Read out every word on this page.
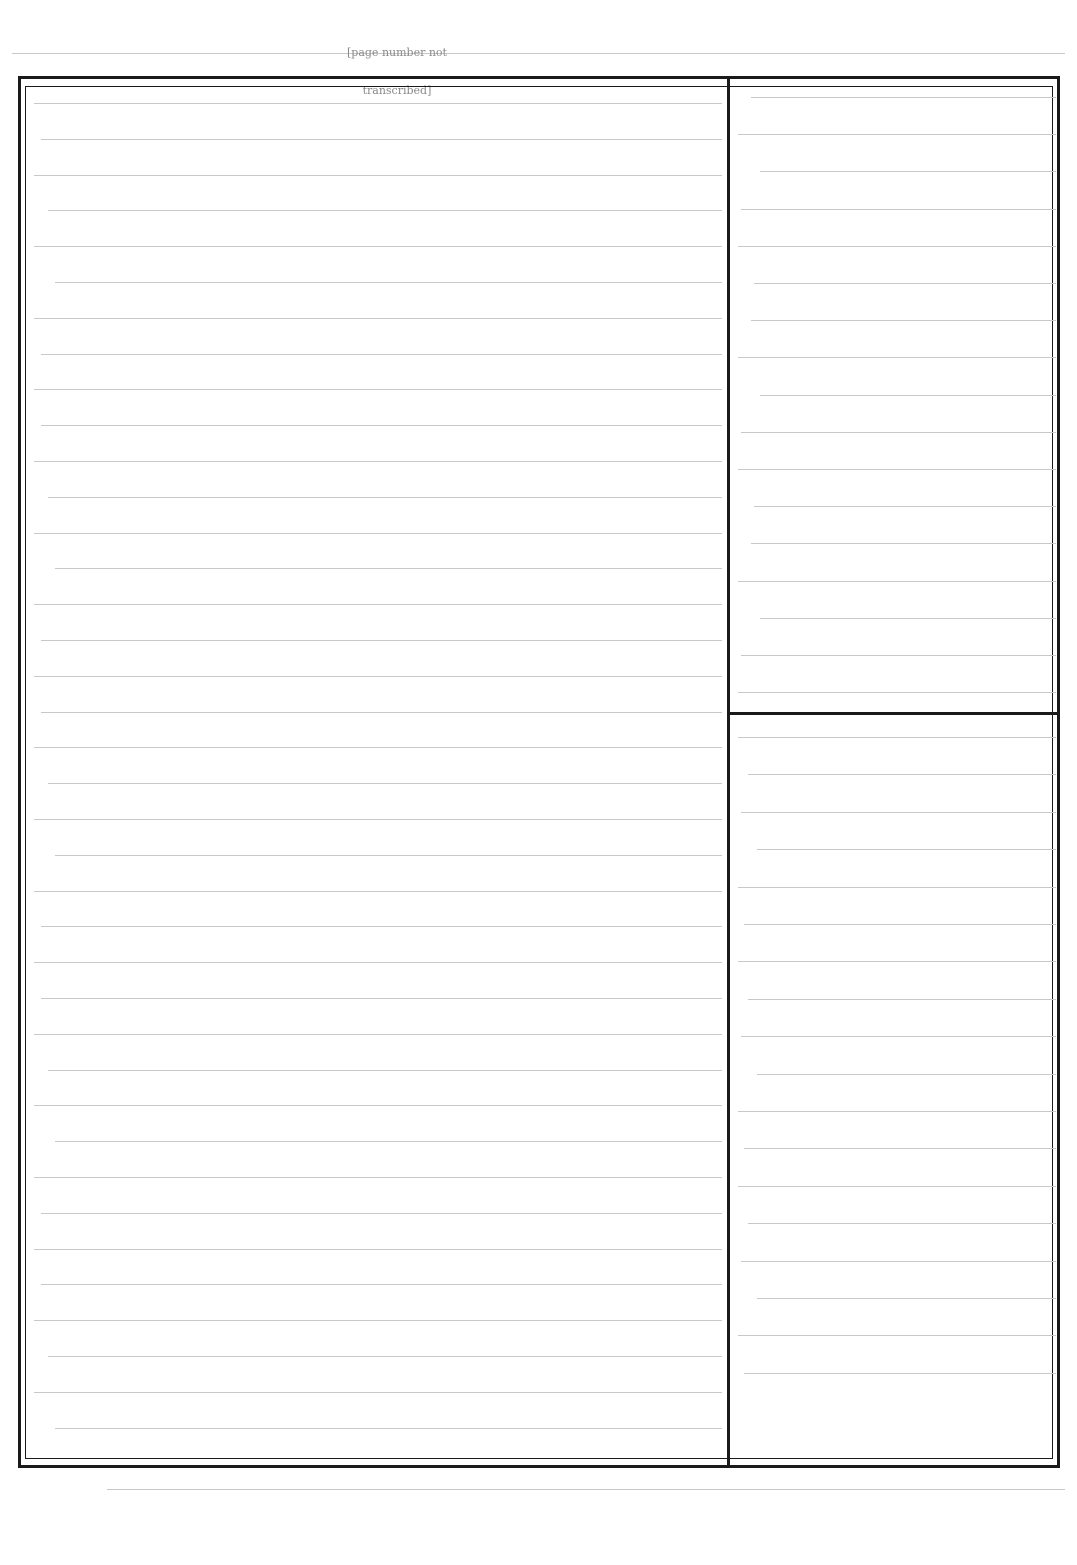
[page number not transcribed]
